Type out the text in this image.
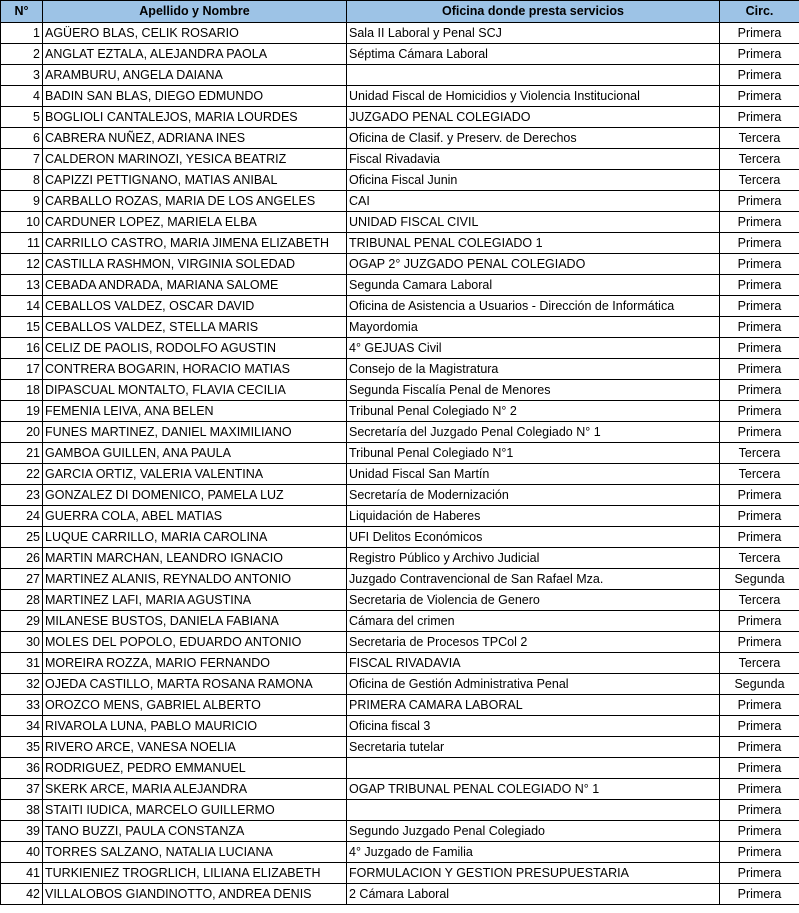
N°	Apellido y Nombre	Oficina donde presta servicios	Circ.
1	AGÜERO BLAS, CELIK ROSARIO	Sala II Laboral y Penal SCJ	Primera
2	ANGLAT EZTALA, ALEJANDRA PAOLA	Séptima Cámara Laboral	Primera
3	ARAMBURU, ANGELA DAIANA		Primera
4	BADIN SAN BLAS, DIEGO EDMUNDO	Unidad Fiscal de Homicidios y Violencia Institucional	Primera
5	BOGLIOLI CANTALEJOS, MARIA LOURDES	JUZGADO PENAL COLEGIADO	Primera
6	CABRERA NUÑEZ, ADRIANA INES	Oficina de Clasif. y Preserv. de Derechos	Tercera
7	CALDERON MARINOZI, YESICA BEATRIZ	Fiscal Rivadavia	Tercera
8	CAPIZZI PETTIGNANO, MATIAS ANIBAL	Oficina Fiscal Junin	Tercera
9	CARBALLO ROZAS, MARIA DE LOS ANGELES	CAI	Primera
10	CARDUNER LOPEZ, MARIELA ELBA	UNIDAD FISCAL CIVIL	Primera
11	CARRILLO CASTRO, MARIA JIMENA ELIZABETH	TRIBUNAL PENAL COLEGIADO 1	Primera
12	CASTILLA RASHMON, VIRGINIA SOLEDAD	OGAP 2° JUZGADO PENAL COLEGIADO	Primera
13	CEBADA ANDRADA, MARIANA SALOME	Segunda Camara Laboral	Primera
14	CEBALLOS VALDEZ, OSCAR DAVID	Oficina de Asistencia a Usuarios - Dirección de Informática	Primera
15	CEBALLOS VALDEZ, STELLA MARIS	Mayordomia	Primera
16	CELIZ DE PAOLIS, RODOLFO AGUSTIN	4° GEJUAS Civil	Primera
17	CONTRERA BOGARIN, HORACIO MATIAS	Consejo de la Magistratura	Primera
18	DIPASCUAL MONTALTO, FLAVIA CECILIA	Segunda Fiscalía Penal de Menores	Primera
19	FEMENIA LEIVA, ANA BELEN	Tribunal Penal Colegiado N° 2	Primera
20	FUNES MARTINEZ, DANIEL MAXIMILIANO	Secretaría del Juzgado Penal Colegiado N° 1	Primera
21	GAMBOA GUILLEN, ANA PAULA	Tribunal Penal Colegiado N°1	Tercera
22	GARCIA ORTIZ, VALERIA VALENTINA	Unidad Fiscal San Martín	Tercera
23	GONZALEZ DI DOMENICO, PAMELA LUZ	Secretaría de Modernización	Primera
24	GUERRA COLA, ABEL MATIAS	Liquidación de Haberes	Primera
25	LUQUE CARRILLO, MARIA CAROLINA	UFI Delitos Económicos	Primera
26	MARTIN MARCHAN, LEANDRO IGNACIO	Registro Público y Archivo Judicial	Tercera
27	MARTINEZ ALANIS, REYNALDO ANTONIO	Juzgado Contravencional de San Rafael Mza.	Segunda
28	MARTINEZ LAFI, MARIA AGUSTINA	Secretaria de Violencia de Genero	Tercera
29	MILANESE BUSTOS, DANIELA FABIANA	Cámara del crimen	Primera
30	MOLES DEL POPOLO, EDUARDO ANTONIO	Secretaria de Procesos TPCol 2	Primera
31	MOREIRA ROZZA, MARIO FERNANDO	FISCAL RIVADAVIA	Tercera
32	OJEDA CASTILLO, MARTA ROSANA RAMONA	Oficina de Gestión Administrativa Penal	Segunda
33	OROZCO MENS, GABRIEL ALBERTO	PRIMERA CAMARA LABORAL	Primera
34	RIVAROLA LUNA, PABLO MAURICIO	Oficina fiscal 3	Primera
35	RIVERO ARCE, VANESA NOELIA	Secretaria tutelar	Primera
36	RODRIGUEZ, PEDRO EMMANUEL		Primera
37	SKERK ARCE, MARIA ALEJANDRA	OGAP TRIBUNAL PENAL COLEGIADO N° 1	Primera
38	STAITI IUDICA, MARCELO GUILLERMO		Primera
39	TANO BUZZI, PAULA CONSTANZA	Segundo Juzgado Penal Colegiado	Primera
40	TORRES SALZANO, NATALIA LUCIANA	4° Juzgado de Familia	Primera
41	TURKIENIEZ TROGRLICH, LILIANA ELIZABETH	FORMULACION Y GESTION PRESUPUESTARIA	Primera
42	VILLALOBOS GIANDINOTTO, ANDREA DENIS	2 Cámara Laboral	Primera
